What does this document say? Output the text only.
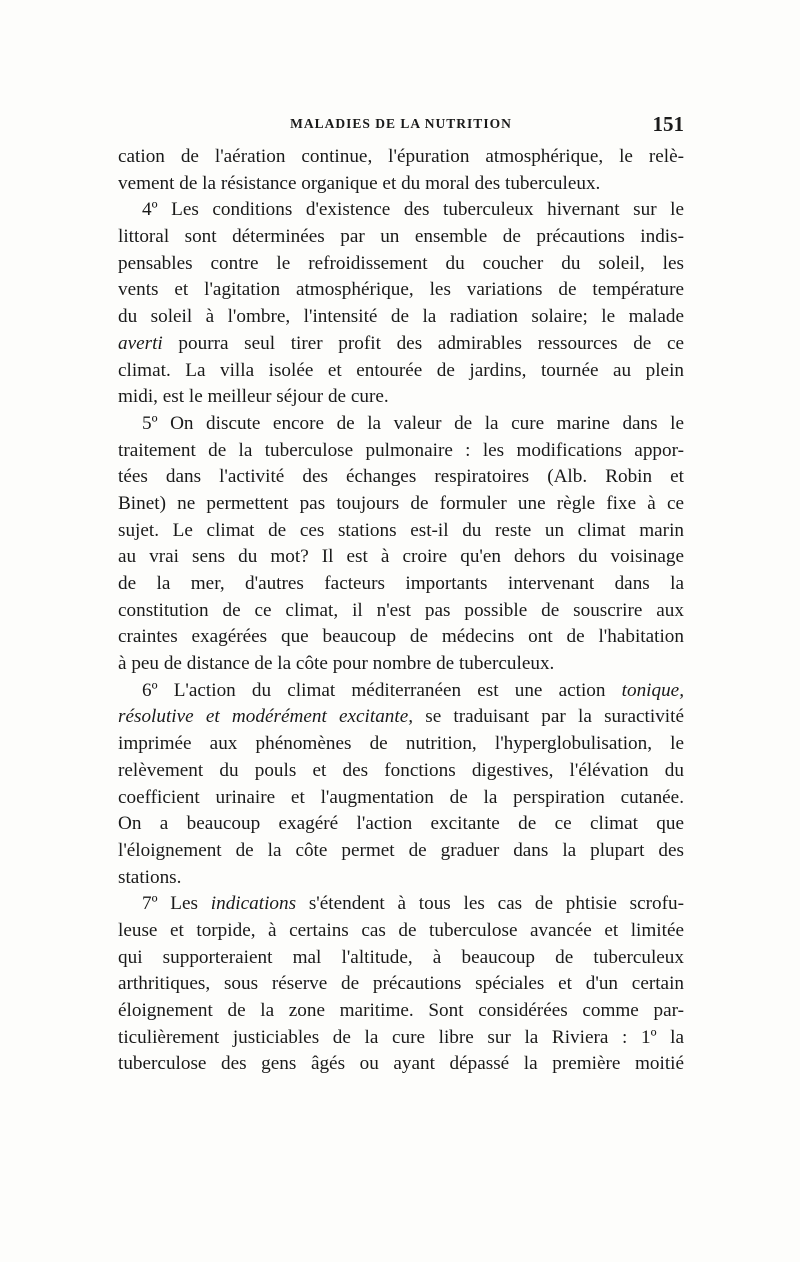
MALADIES DE LA NUTRITION	151
cation de l'aération continue, l'épuration atmosphérique, le relè-
vement de la résistance organique et du moral des tuberculeux.
4º Les conditions d'existence des tuberculeux hivernant sur le
littoral sont déterminées par un ensemble de précautions indis-
pensables contre le refroidissement du coucher du soleil, les
vents et l'agitation atmosphérique, les variations de température
du soleil à l'ombre, l'intensité de la radiation solaire; le malade
averti pourra seul tirer profit des admirables ressources de ce
climat. La villa isolée et entourée de jardins, tournée au plein
midi, est le meilleur séjour de cure.
5º On discute encore de la valeur de la cure marine dans le
traitement de la tuberculose pulmonaire : les modifications appor-
tées dans l'activité des échanges respiratoires (Alb. Robin et
Binet) ne permettent pas toujours de formuler une règle fixe à ce
sujet. Le climat de ces stations est-il du reste un climat marin
au vrai sens du mot? Il est à croire qu'en dehors du voisinage
de la mer, d'autres facteurs importants intervenant dans la
constitution de ce climat, il n'est pas possible de souscrire aux
craintes exagérées que beaucoup de médecins ont de l'habitation
à peu de distance de la côte pour nombre de tuberculeux.
6º L'action du climat méditerranéen est une action tonique,
résolutive et modérément excitante, se traduisant par la suractivité
imprimée aux phénomènes de nutrition, l'hyperglobulisation, le
relèvement du pouls et des fonctions digestives, l'élévation du
coefficient urinaire et l'augmentation de la perspiration cutanée.
On a beaucoup exagéré l'action excitante de ce climat que
l'éloignement de la côte permet de graduer dans la plupart des
stations.
7º Les indications s'étendent à tous les cas de phtisie scrofu-
leuse et torpide, à certains cas de tuberculose avancée et limitée
qui supporteraient mal l'altitude, à beaucoup de tuberculeux
arthritiques, sous réserve de précautions spéciales et d'un certain
éloignement de la zone maritime. Sont considérées comme par-
ticulièrement justiciables de la cure libre sur la Riviera : 1º la
tuberculose des gens âgés ou ayant dépassé la première moitié
